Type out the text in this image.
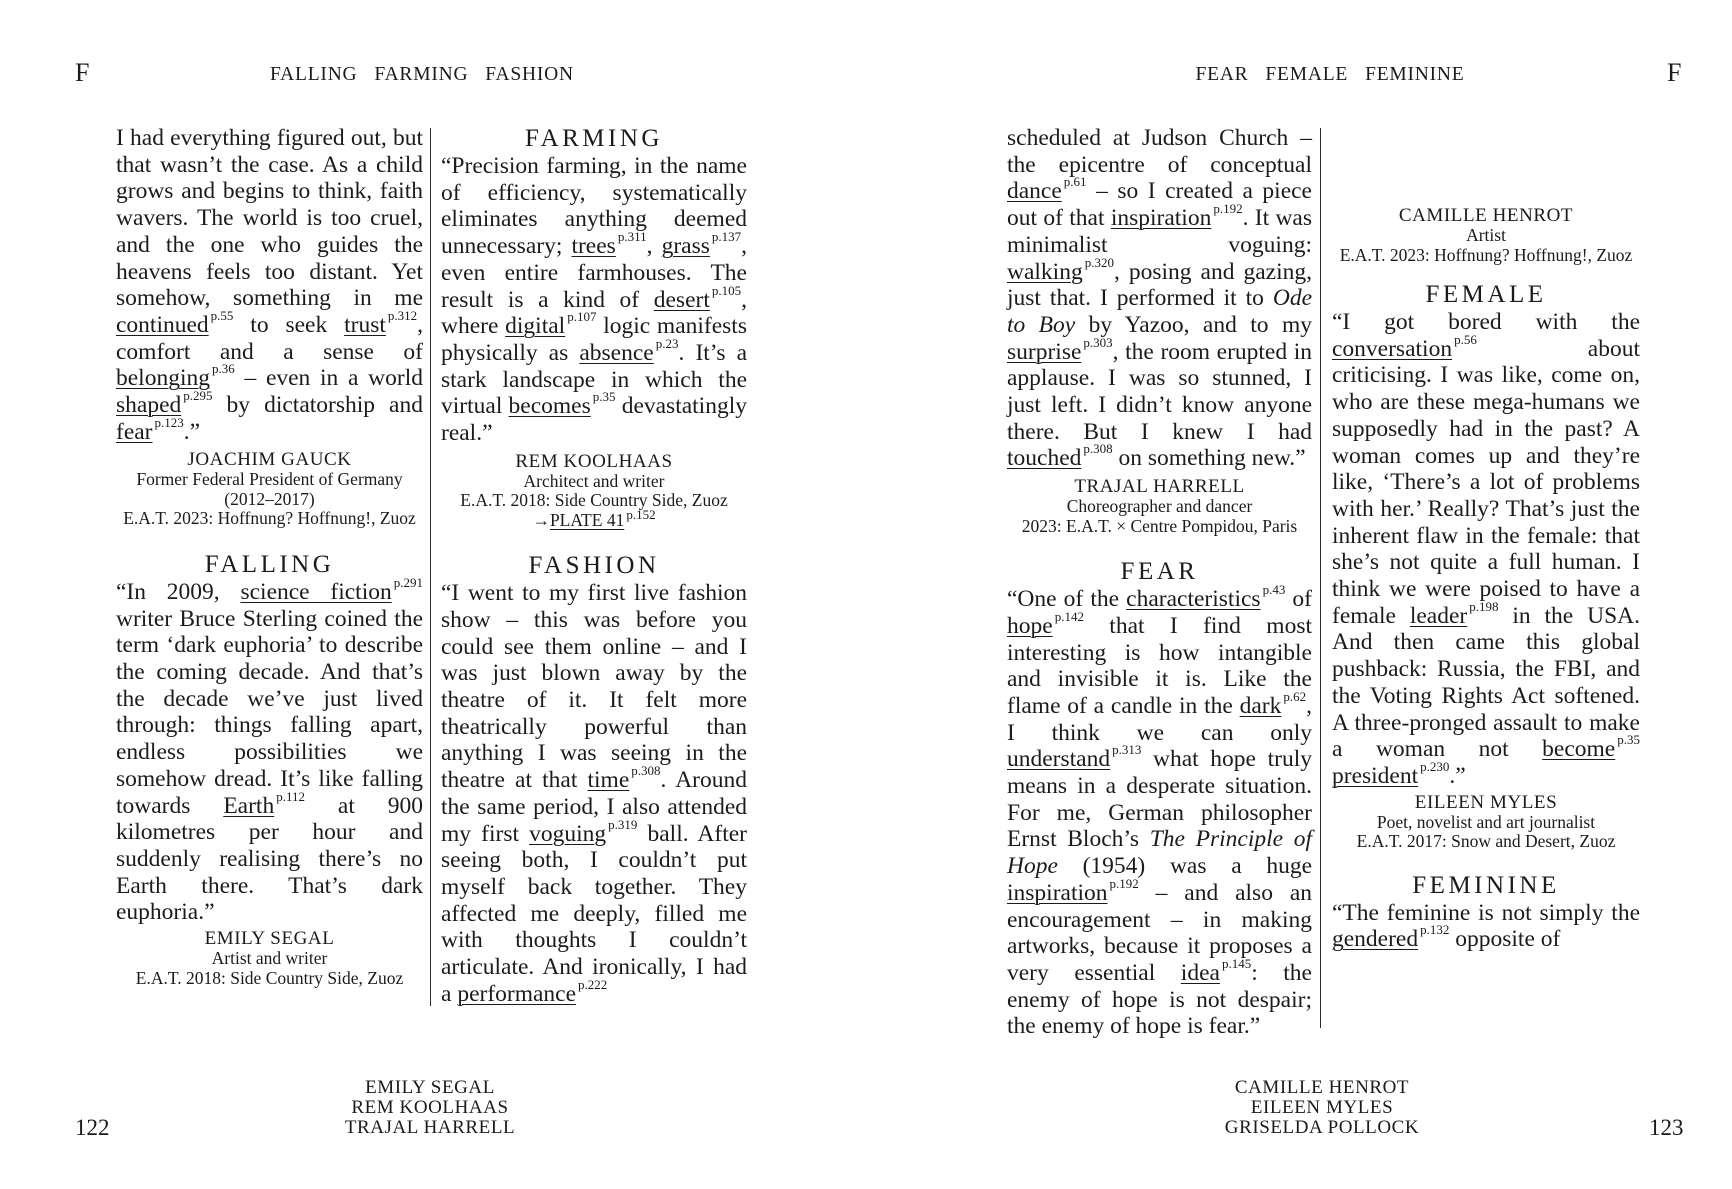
F	FALLING   FARMING   FASHION

I had everything figured out, but that wasn’t the case. As a child grows and begins to think, faith wavers. The world is too cruel, and the one who guides the heavens feels too distant. Yet somehow, something in me continued $^{p.55}$ to seek trust $^{p.312}$, comfort and a sense of belonging $^{p.36}$ – even in a world shaped $^{p.295}$ by dictatorship and fear $^{p.123}$.”

JOACHIM GAUCK
Former Federal President of Germany (2012–2017)
E.A.T. 2023: Hoffnung? Hoffnung!, Zuoz
FALLING

“In 2009, science fiction $^{p.291}$ writer Bruce Sterling coined the term ‘dark euphoria’ to describe the coming decade. And that’s the decade we’ve just lived through: things falling apart, endless possibilities we somehow dread. It’s like falling towards Earth $^{p.112}$ at 900 kilometres per hour and suddenly realising there’s no Earth there. That’s dark euphoria.”

EMILY SEGAL
Artist and writer
E.A.T. 2018: Side Country Side, Zuoz
FARMING

“Precision farming, in the name of efficiency, systematically eliminates anything deemed unnecessary; trees $^{p.311}$, grass $^{p.137}$, even entire farmhouses. The result is a kind of desert $^{p.105}$, where digital $^{p.107}$ logic manifests physically as absence $^{p.23}$. It’s a stark landscape in which the virtual becomes $^{p.35}$ devastatingly real.”

REM KOOLHAAS
Architect and writer
E.A.T. 2018: Side Country Side, Zuoz
→PLATE 41 $^{p.152}$
FASHION

“I went to my first live fashion show – this was before you could see them online – and I was just blown away by the theatre of it. It felt more theatrically powerful than anything I was seeing in the theatre at that time $^{p.308}$. Around the same period, I also attended my first voguing $^{p.319}$ ball. After seeing both, I couldn’t put myself back together. They affected me deeply, filled me with thoughts I couldn’t articulate. And ironically, I had a performance $^{p.222}$

EMILY SEGAL
REM KOOLHAAS
TRAJAL HARRELL
122
FEAR   FEMALE   FEMININE	F

scheduled at Judson Church – the epicentre of conceptual dance $^{p.61}$ – so I created a piece out of that inspiration $^{p.192}$. It was minimalist voguing: walking $^{p.320}$, posing and gazing, just that. I performed it to Ode to Boy by Yazoo, and to my surprise $^{p.303}$, the room erupted in applause. I was so stunned, I just left. I didn’t know anyone there. But I knew I had touched $^{p.308}$ on something new.”

TRAJAL HARRELL
Choreographer and dancer
2023: E.A.T. × Centre Pompidou, Paris
FEAR

“One of the characteristics $^{p.43}$ of hope $^{p.142}$ that I find most interesting is how intangible and invisible it is. Like the flame of a candle in the dark $^{p.62}$, I think we can only understand $^{p.313}$ what hope truly means in a desperate situation. For me, German philosopher Ernst Bloch’s The Principle of Hope (1954) was a huge inspiration $^{p.192}$ – and also an encouragement – in making artworks, because it proposes a very essential idea $^{p.145}$: the enemy of hope is not despair; the enemy of hope is fear.”

CAMILLE HENROT
Artist
E.A.T. 2023: Hoffnung? Hoffnung!, Zuoz
FEMALE

“I got bored with the conversation $^{p.56}$ about criticising. I was like, come on, who are these mega-humans we supposedly had in the past? A woman comes up and they’re like, ‘There’s a lot of problems with her.’ Really? That’s just the inherent flaw in the female: that she’s not quite a full human. I think we were poised to have a female leader $^{p.198}$ in the USA. And then came this global pushback: Russia, the FBI, and the Voting Rights Act softened. A three-pronged assault to make a woman not become $^{p.35}$ president $^{p.230}$.”

EILEEN MYLES
Poet, novelist and art journalist
E.A.T. 2017: Snow and Desert, Zuoz
FEMININE

“The feminine is not simply the gendered $^{p.132}$ opposite of

CAMILLE HENROT
EILEEN MYLES
GRISELDA POLLOCK	123
